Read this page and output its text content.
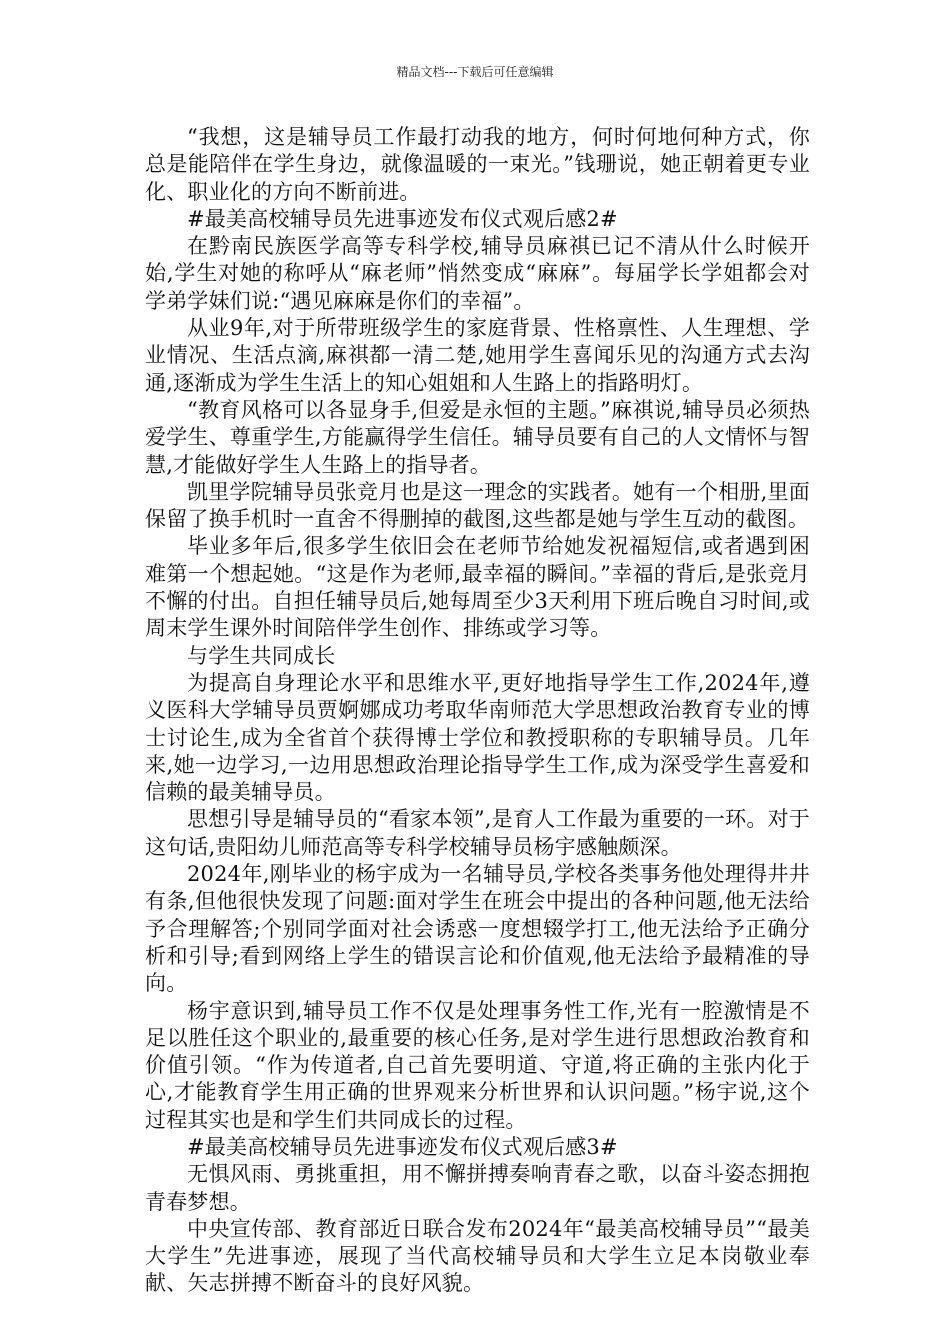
精品文档---下载后可任意编辑

“我想，这是辅导员工作最打动我的地方，何时何地何种方式，你总是能陪伴在学生身边，就像温暖的一束光。”钱珊说，她正朝着更专业化、职业化的方向不断前进。

#最美高校辅导员先进事迹发布仪式观后感2#

在黔南民族医学高等专科学校,辅导员麻祺已记不清从什么时候开始,学生对她的称呼从“麻老师”悄然变成“麻麻”。每届学长学姐都会对学弟学妹们说:“遇见麻麻是你们的幸福”。

从业9年,对于所带班级学生的家庭背景、性格禀性、人生理想、学业情况、生活点滴,麻祺都一清二楚,她用学生喜闻乐见的沟通方式去沟通,逐渐成为学生生活上的知心姐姐和人生路上的指路明灯。

“教育风格可以各显身手,但爱是永恒的主题。”麻祺说,辅导员必须热爱学生、尊重学生,方能赢得学生信任。辅导员要有自己的人文情怀与智慧,才能做好学生人生路上的指导者。

凯里学院辅导员张竞月也是这一理念的实践者。她有一个相册,里面保留了换手机时一直舍不得删掉的截图,这些都是她与学生互动的截图。

毕业多年后,很多学生依旧会在老师节给她发祝福短信,或者遇到困难第一个想起她。“这是作为老师,最幸福的瞬间。”幸福的背后,是张竞月不懈的付出。自担任辅导员后,她每周至少3天利用下班后晚自习时间,或周末学生课外时间陪伴学生创作、排练或学习等。

与学生共同成长

为提高自身理论水平和思维水平,更好地指导学生工作,2024年,遵义医科大学辅导员贾婀娜成功考取华南师范大学思想政治教育专业的博士讨论生,成为全省首个获得博士学位和教授职称的专职辅导员。几年来,她一边学习,一边用思想政治理论指导学生工作,成为深受学生喜爱和信赖的最美辅导员。

思想引导是辅导员的“看家本领”,是育人工作最为重要的一环。对于这句话,贵阳幼儿师范高等专科学校辅导员杨宇感触颇深。

2024年,刚毕业的杨宇成为一名辅导员,学校各类事务他处理得井井有条,但他很快发现了问题:面对学生在班会中提出的各种问题,他无法给予合理解答;个别同学面对社会诱惑一度想辍学打工,他无法给予正确分析和引导;看到网络上学生的错误言论和价值观,他无法给予最精准的导向。

杨宇意识到,辅导员工作不仅是处理事务性工作,光有一腔激情是不足以胜任这个职业的,最重要的核心任务,是对学生进行思想政治教育和价值引领。“作为传道者,自己首先要明道、守道,将正确的主张内化于心,才能教育学生用正确的世界观来分析世界和认识问题。”杨宇说,这个过程其实也是和学生们共同成长的过程。

#最美高校辅导员先进事迹发布仪式观后感3#

无惧风雨、勇挑重担，用不懈拼搏奏响青春之歌，以奋斗姿态拥抱青春梦想。

中央宣传部、教育部近日联合发布2024年“最美高校辅导员”“最美大学生”先进事迹，展现了当代高校辅导员和大学生立足本岗敬业奉献、矢志拼搏不断奋斗的良好风貌。
